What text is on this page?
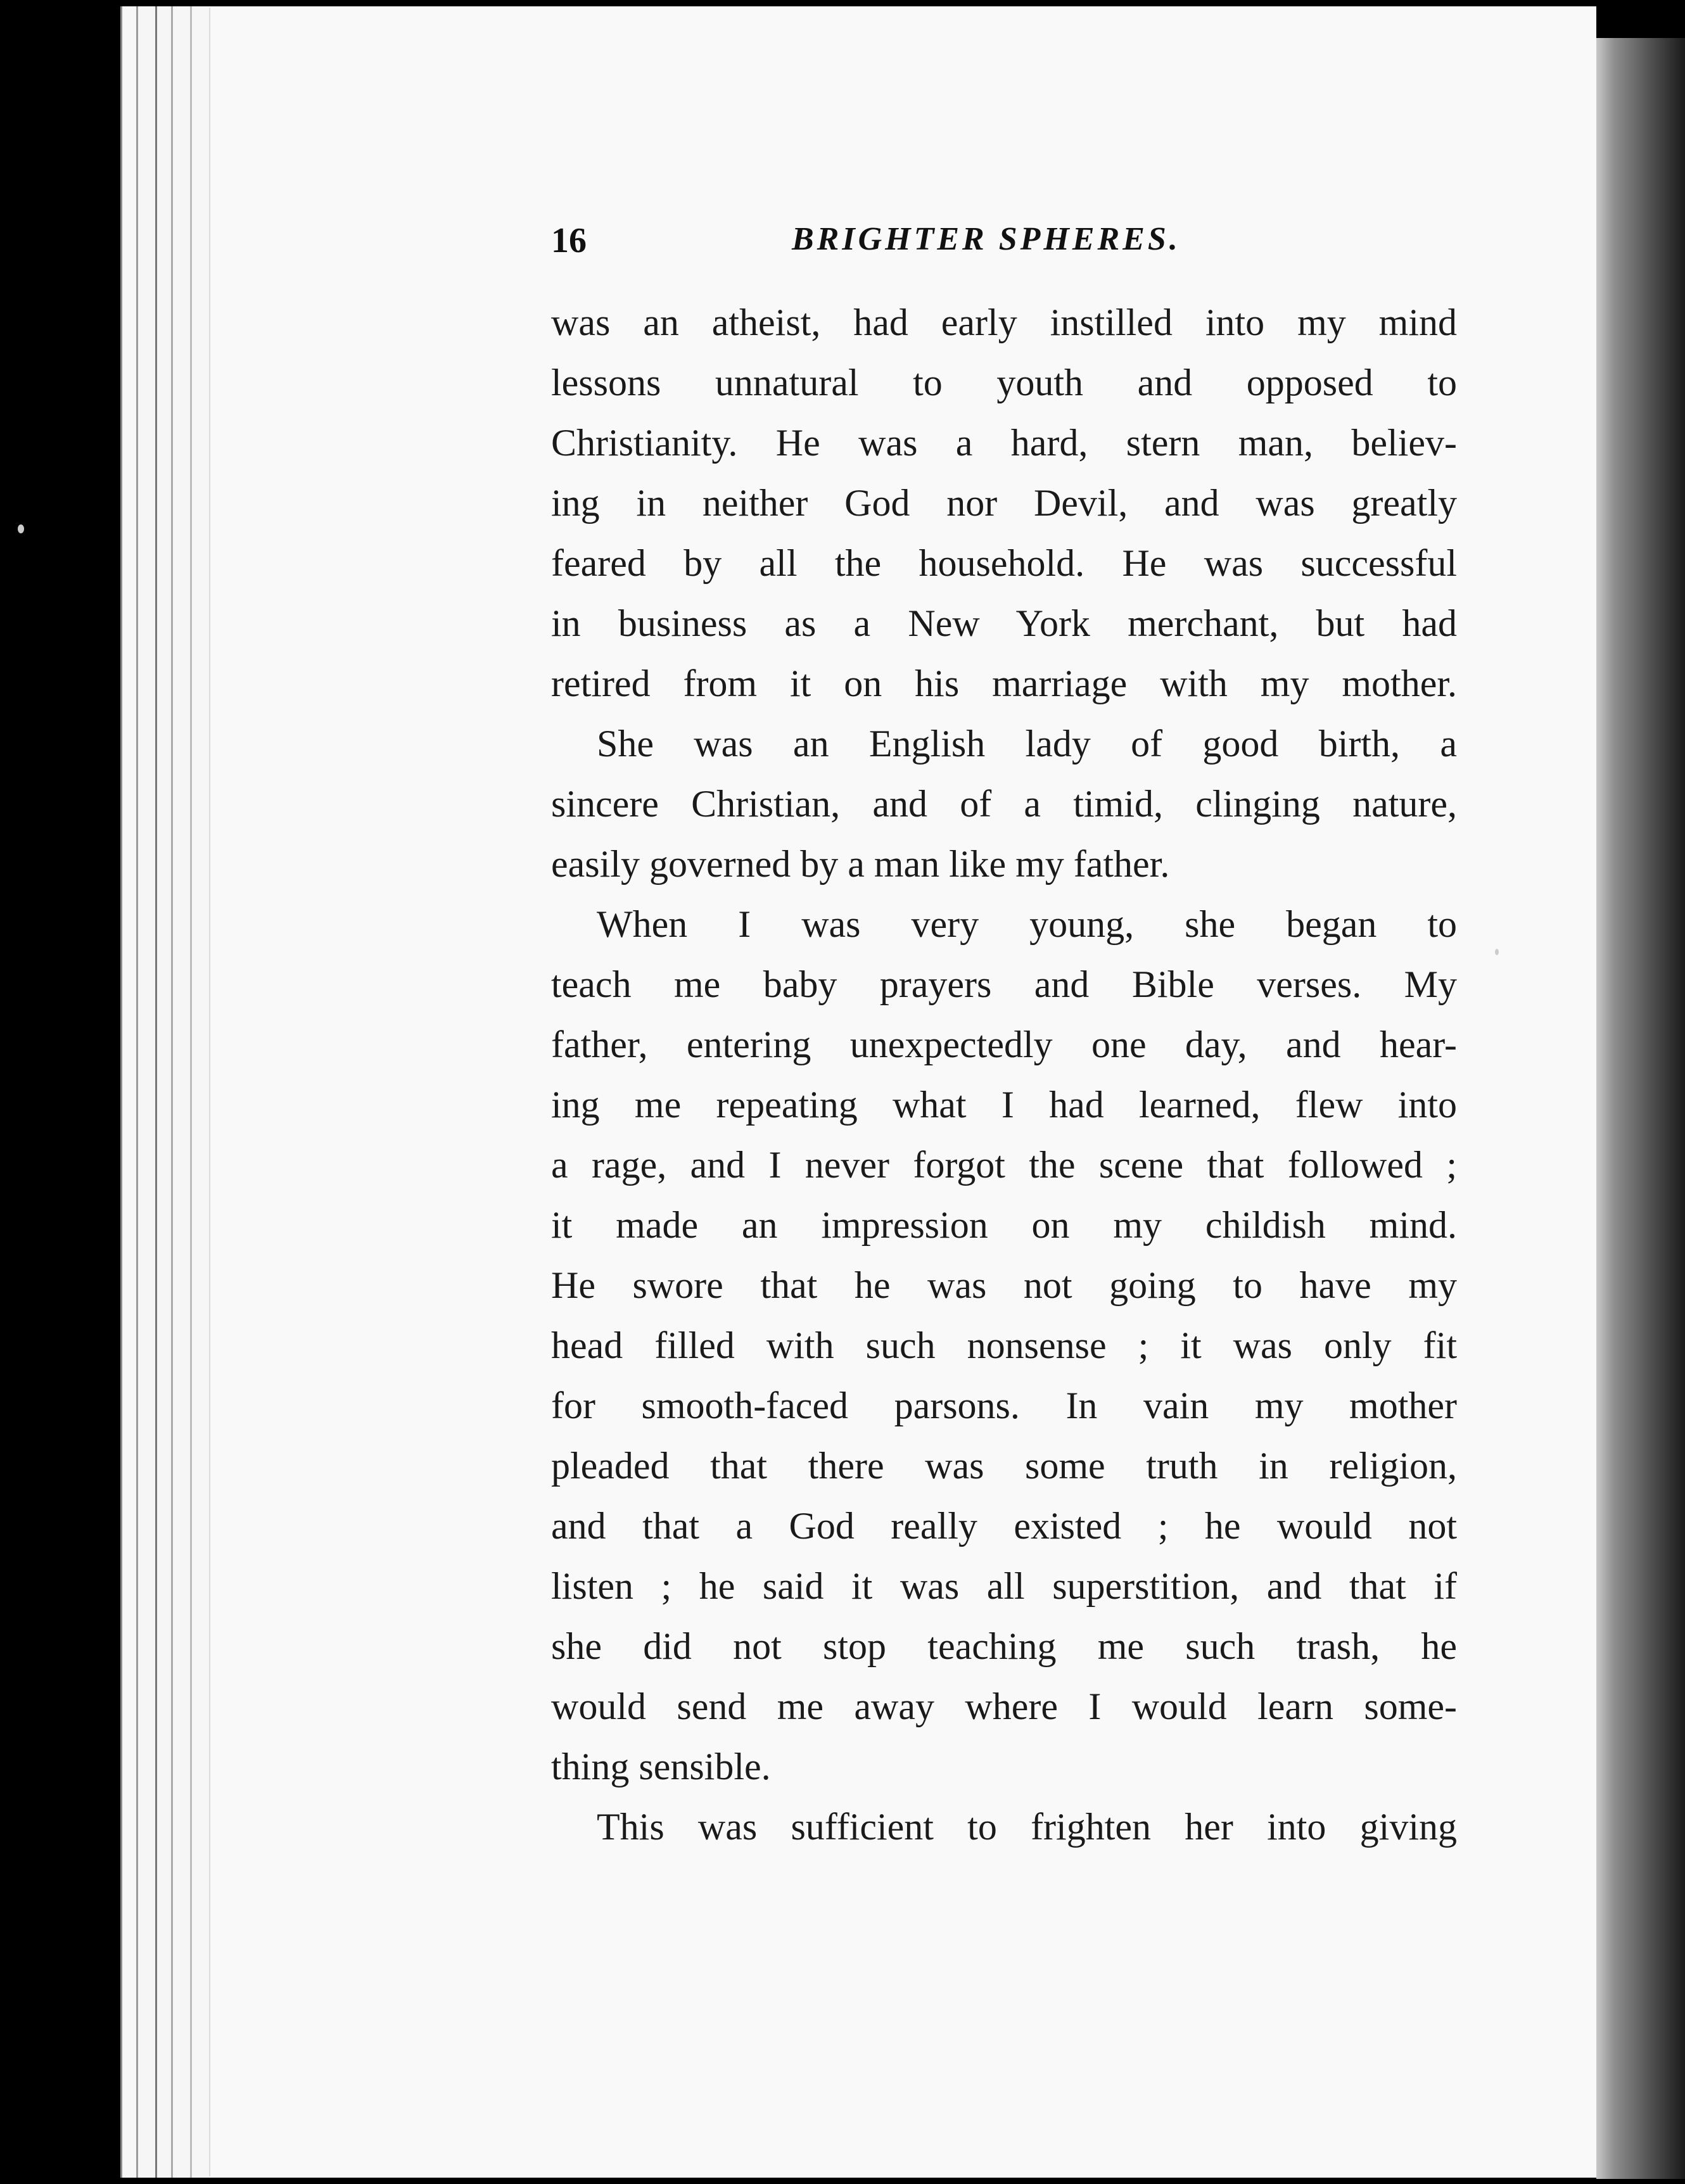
16	BRIGHTER SPHERES.
was an atheist, had early instilled into my mind
lessons unnatural to youth and opposed to
Christianity. He was a hard, stern man, believ-
ing in neither God nor Devil, and was greatly
feared by all the household. He was successful
in business as a New York merchant, but had
retired from it on his marriage with my mother.
She was an English lady of good birth, a
sincere Christian, and of a timid, clinging nature,
easily governed by a man like my father.
When I was very young, she began to
teach me baby prayers and Bible verses. My
father, entering unexpectedly one day, and hear-
ing me repeating what I had learned, flew into
a rage, and I never forgot the scene that followed ;
it made an impression on my childish mind.
He swore that he was not going to have my
head filled with such nonsense ; it was only fit
for smooth-faced parsons. In vain my mother
pleaded that there was some truth in religion,
and that a God really existed ; he would not
listen ; he said it was all superstition, and that if
she did not stop teaching me such trash, he
would send me away where I would learn some-
thing sensible.
This was sufficient to frighten her into giving
